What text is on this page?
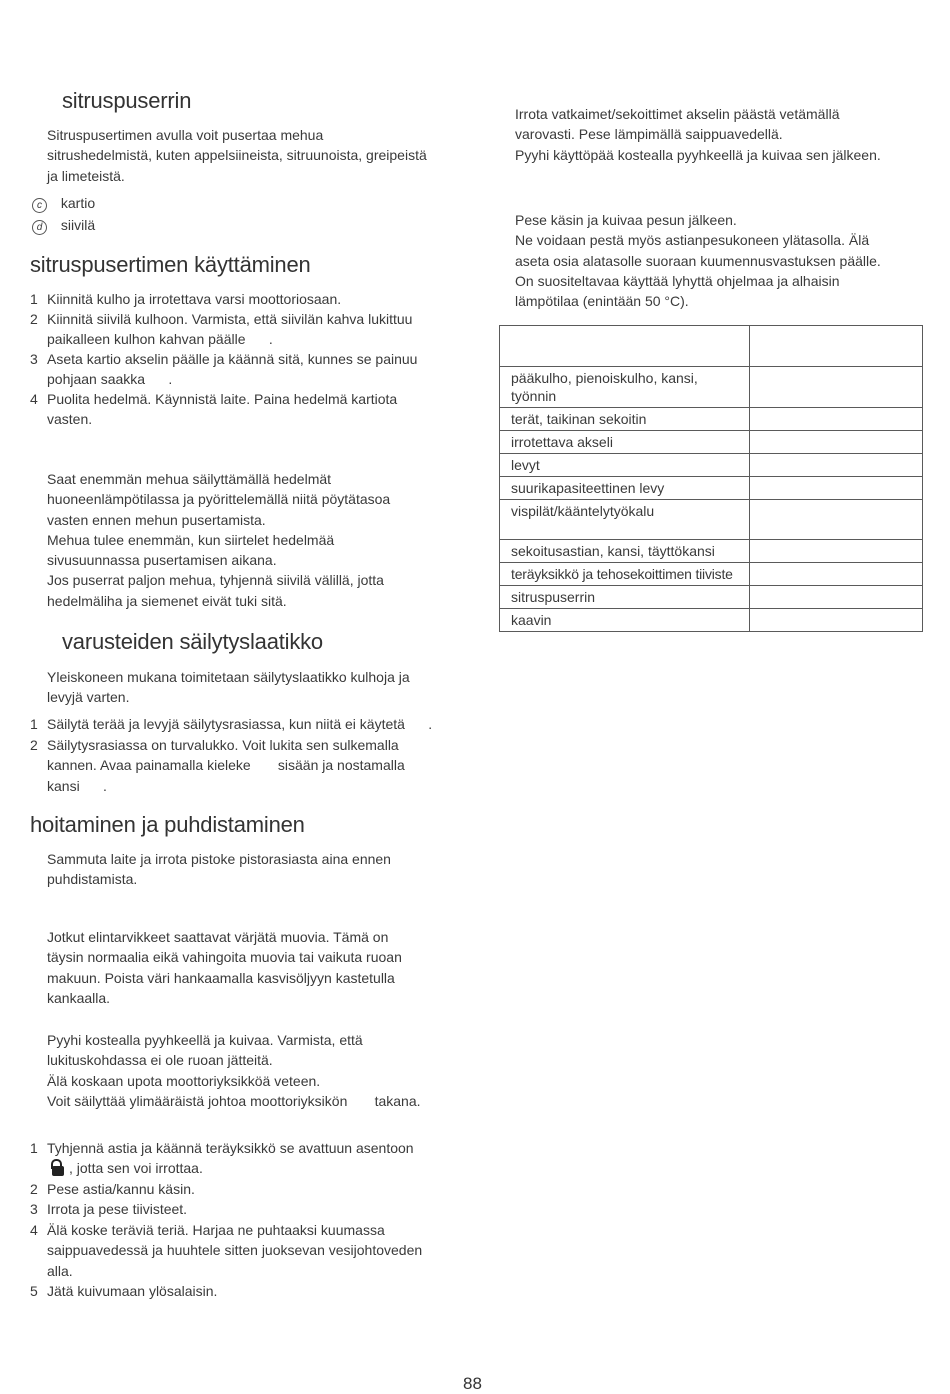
sitruspuserrin

Sitruspusertimen avulla voit pusertaa mehua

sitrushedelmistä, kuten appelsiineista, sitruunoista, greipeistä

ja limeteistä.

c kartio
d siivilä
sitruspusertimen käyttäminen
1 Kiinnitä kulho ja irrotettava varsi moottoriosaan.
2 Kiinnitä siivilä kulhoon. Varmista, että siivilän kahva lukittuu
paikalleen kulhon kahvan päälle      .
3 Aseta kartio akselin päälle ja käännä sitä, kunnes se painuu
pohjaan saakka      .
4 Puolita hedelmä. Käynnistä laite. Paina hedelmä kartiota
vasten.

Saat enemmän mehua säilyttämällä hedelmät

huoneenlämpötilassa ja pyörittelemällä niitä pöytätasoa

vasten ennen mehun pusertamista.

Mehua tulee enemmän, kun siirtelet hedelmää

sivusuunnassa pusertamisen aikana.

Jos puserrat paljon mehua, tyhjennä siivilä välillä, jotta

hedelmäliha ja siemenet eivät tuki sitä.

varusteiden säilytyslaatikko

Yleiskoneen mukana toimitetaan säilytyslaatikko kulhoja ja

levyjä varten.

1 Säilytä terää ja levyjä säilytysrasiassa, kun niitä ei käytetä      .
2 Säilytysrasiassa on turvalukko. Voit lukita sen sulkemalla
kannen. Avaa painamalla kieleke       sisään ja nostamalla
kansi      .
hoitaminen ja puhdistaminen

Sammuta laite ja irrota pistoke pistorasiasta aina ennen

puhdistamista.

Jotkut elintarvikkeet saattavat värjätä muovia. Tämä on

täysin normaalia eikä vahingoita muovia tai vaikuta ruoan

makuun. Poista väri hankaamalla kasvisöljyyn kastetulla

kankaalla.

Pyyhi kostealla pyyhkeellä ja kuivaa. Varmista, että

lukituskohdassa ei ole ruoan jätteitä.

Älä koskaan upota moottoriyksikköä veteen.

Voit säilyttää ylimääräistä johtoa moottoriyksikön       takana.

1 Tyhjennä astia ja käännä teräyksikkö se avattuun asentoon
, jotta sen voi irrottaa.
2 Pese astia/kannu käsin.
3 Irrota ja pese tiivisteet.
4 Älä koske teräviä teriä. Harjaa ne puhtaaksi kuumassa
saippuavedessä ja huuhtele sitten juoksevan vesijohtoveden
alla.
5 Jätä kuivumaan ylösalaisin.

Irrota vatkaimet/sekoittimet akselin päästä vetämällä

varovasti. Pese lämpimällä saippuavedellä.

Pyyhi käyttöpää kostealla pyyhkeellä ja kuivaa sen jälkeen.

Pese käsin ja kuivaa pesun jälkeen.

Ne voidaan pestä myös astianpesukoneen ylätasolla. Älä

aseta osia alatasolle suoraan kuumennusvastuksen päälle.

On suositeltavaa käyttää lyhyttä ohjelmaa ja alhaisin

lämpötilaa (enintään 50 °C).

pääkulho, pienoiskulho, kansi, työnnin	
terät, taikinan sekoitin	
irrotettava akseli	
levyt	
suurikapasiteettinen levy	
vispilät/kääntelytyökalu	
sekoitusastian, kansi, täyttökansi	
teräyksikkö ja tehosekoittimen tiiviste	
sitruspuserrin	
kaavin	
88
